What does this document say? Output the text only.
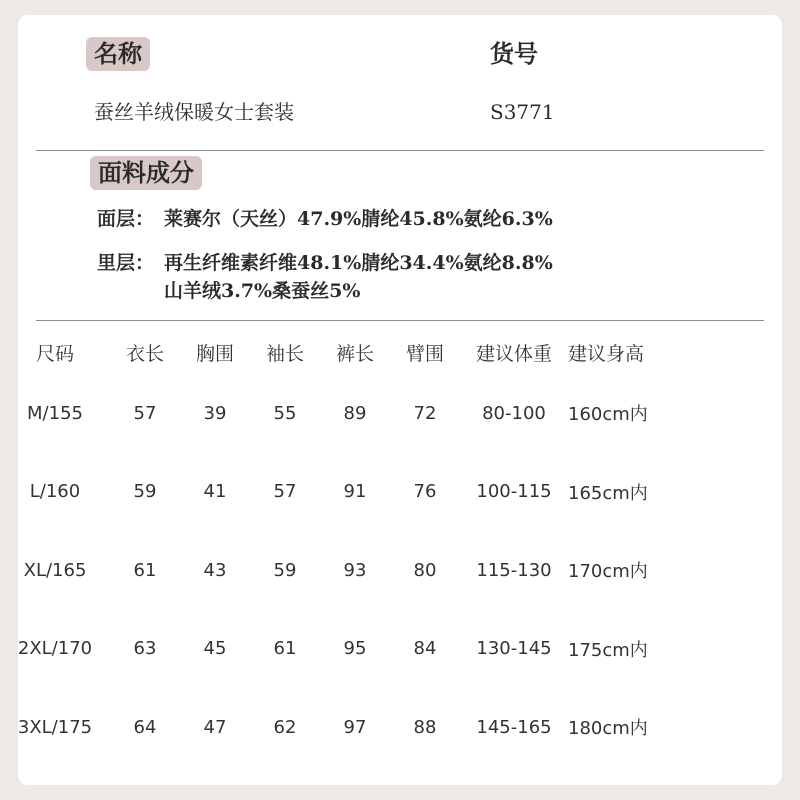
名称	货号
蚕丝羊绒保暖女士套装	S3771
面料成分
面层： 莱赛尔（天丝）47.9%腈纶45.8%氨纶6.3%
里层： 再生纤维素纤维48.1%腈纶34.4%氨纶8.8%
山羊绒3.7%桑蚕丝5%
尺码	衣长	胸围	袖长	裤长	臂围	建议体重	建议身高
M/155	57	39	55	89	72	80-100	160cm内
L/160	59	41	57	91	76	100-115	165cm内
XL/165	61	43	59	93	80	115-130	170cm内
2XL/170	63	45	61	95	84	130-145	175cm内
3XL/175	64	47	62	97	88	145-165	180cm内
